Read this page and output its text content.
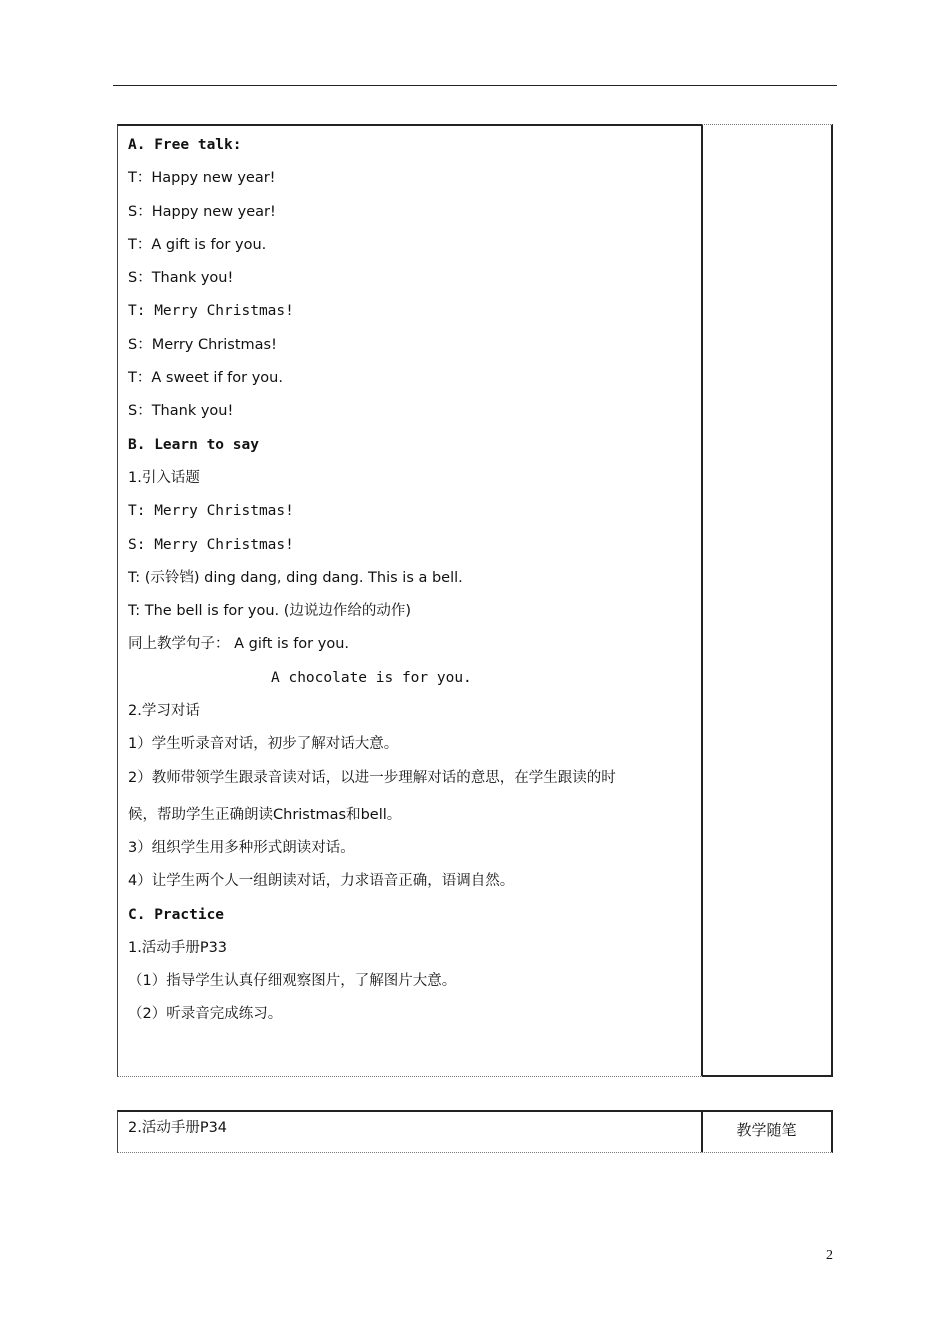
A. Free talk:
T：Happy new year!
S：Happy new year!
T：A gift is for you.
S：Thank you!
T: Merry Christmas!
S：Merry Christmas!
T：A sweet if for you.
S：Thank you!
B. Learn to say
1.引入话题
T: Merry Christmas!
S: Merry Christmas!
T: (示铃铛) ding dang, ding dang. This is a bell.
T: The bell is for you. (边说边作给的动作)
同上教学句子： A gift is for you.
A chocolate is for you.
2.学习对话
1）学生听录音对话，初步了解对话大意。
2）教师带领学生跟录音读对话，以进一步理解对话的意思，在学生跟读的时
候，帮助学生正确朗读Christmas和bell。
3）组织学生用多种形式朗读对话。
4）让学生两个人一组朗读对话，力求语音正确，语调自然。
C. Practice
1.活动手册P33
（1）指导学生认真仔细观察图片，了解图片大意。
（2）听录音完成练习。
2.活动手册P34	教学随笔
2
